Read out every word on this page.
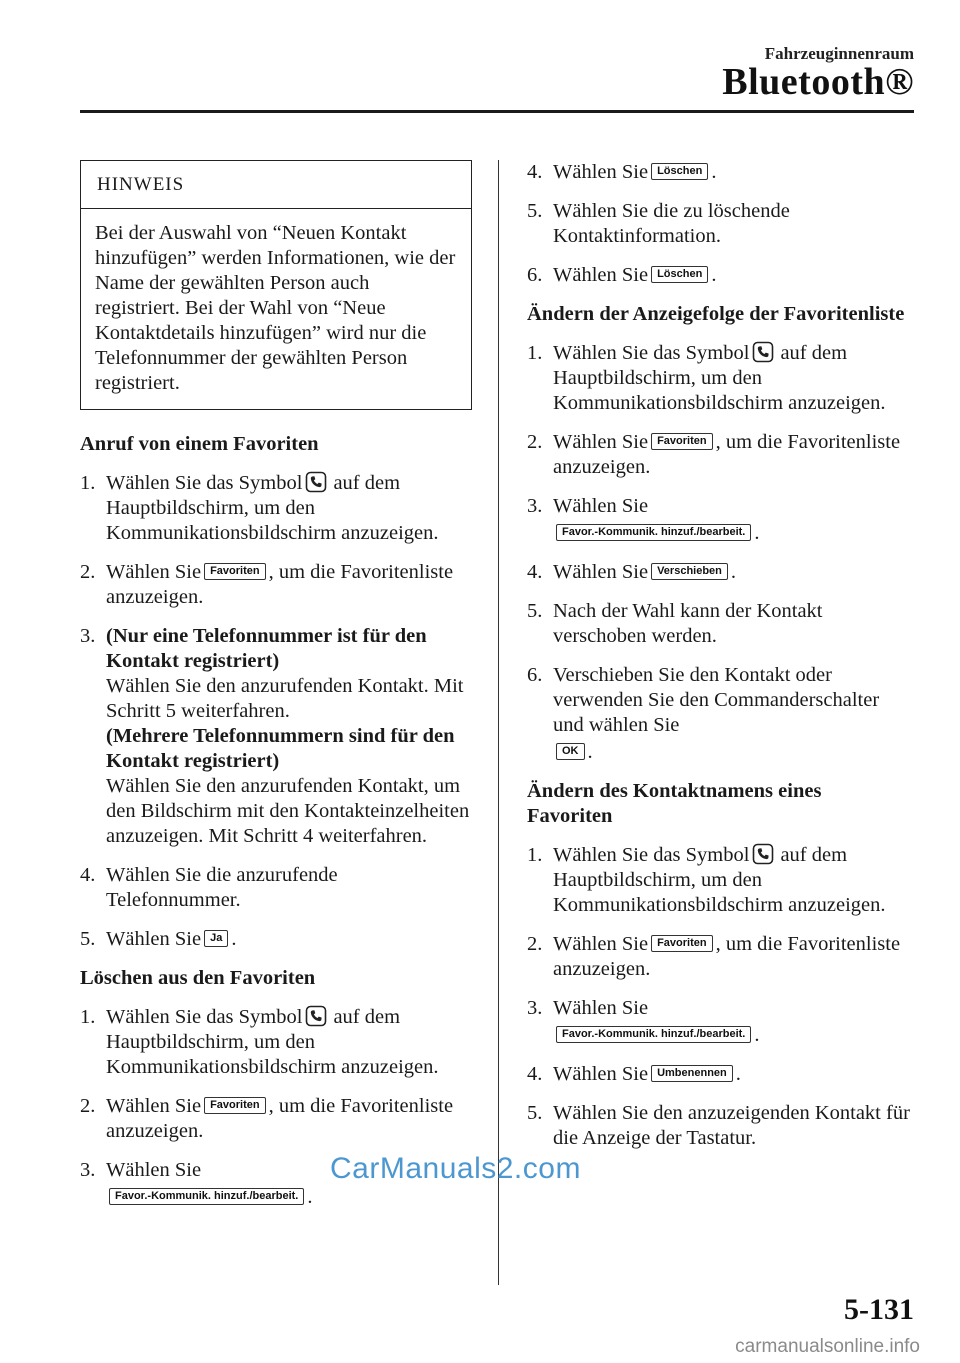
Fahrzeuginnenraum
Bluetooth®
HINWEIS
Bei der Auswahl von “Neuen Kontakt hinzufügen” werden Informationen, wie der Name der gewählten Person auch registriert. Bei der Wahl von “Neue Kontaktdetails hinzufügen” wird nur die Telefonnummer der gewählten Person registriert.
Anruf von einem Favoriten
1. Wählen Sie das Symbol auf dem Hauptbildschirm, um den Kommunikationsbildschirm anzuzeigen.
2. Wählen Sie Favoriten , um die Favoritenliste anzuzeigen.
3. (Nur eine Telefonnummer ist für den Kontakt registriert)
Wählen Sie den anzurufenden Kontakt. Mit Schritt 5 weiterfahren.
(Mehrere Telefonnummern sind für den Kontakt registriert)
Wählen Sie den anzurufenden Kontakt, um den Bildschirm mit den Kontakteinzelheiten anzuzeigen. Mit Schritt 4 weiterfahren.
4. Wählen Sie die anzurufende Telefonnummer.
5. Wählen Sie Ja .
Löschen aus den Favoriten
1. Wählen Sie das Symbol auf dem Hauptbildschirm, um den Kommunikationsbildschirm anzuzeigen.
2. Wählen Sie Favoriten , um die Favoritenliste anzuzeigen.
3. Wählen Sie
Favor.-Kommunik. hinzuf./bearbeit. .
4. Wählen Sie Löschen .
5. Wählen Sie die zu löschende Kontaktinformation.
6. Wählen Sie Löschen .
Ändern der Anzeigefolge der Favoritenliste
1. Wählen Sie das Symbol auf dem Hauptbildschirm, um den Kommunikationsbildschirm anzuzeigen.
2. Wählen Sie Favoriten , um die Favoritenliste anzuzeigen.
3. Wählen Sie
Favor.-Kommunik. hinzuf./bearbeit. .
4. Wählen Sie Verschieben .
5. Nach der Wahl kann der Kontakt verschoben werden.
6. Verschieben Sie den Kontakt oder verwenden Sie den Commanderschalter und wählen Sie
OK .
Ändern des Kontaktnamens eines Favoriten
1. Wählen Sie das Symbol auf dem Hauptbildschirm, um den Kommunikationsbildschirm anzuzeigen.
2. Wählen Sie Favoriten , um die Favoritenliste anzuzeigen.
3. Wählen Sie
Favor.-Kommunik. hinzuf./bearbeit. .
4. Wählen Sie Umbenennen .
5. Wählen Sie den anzuzeigenden Kontakt für die Anzeige der Tastatur.
CarManuals2.com
5-131
carmanualsonline.info
